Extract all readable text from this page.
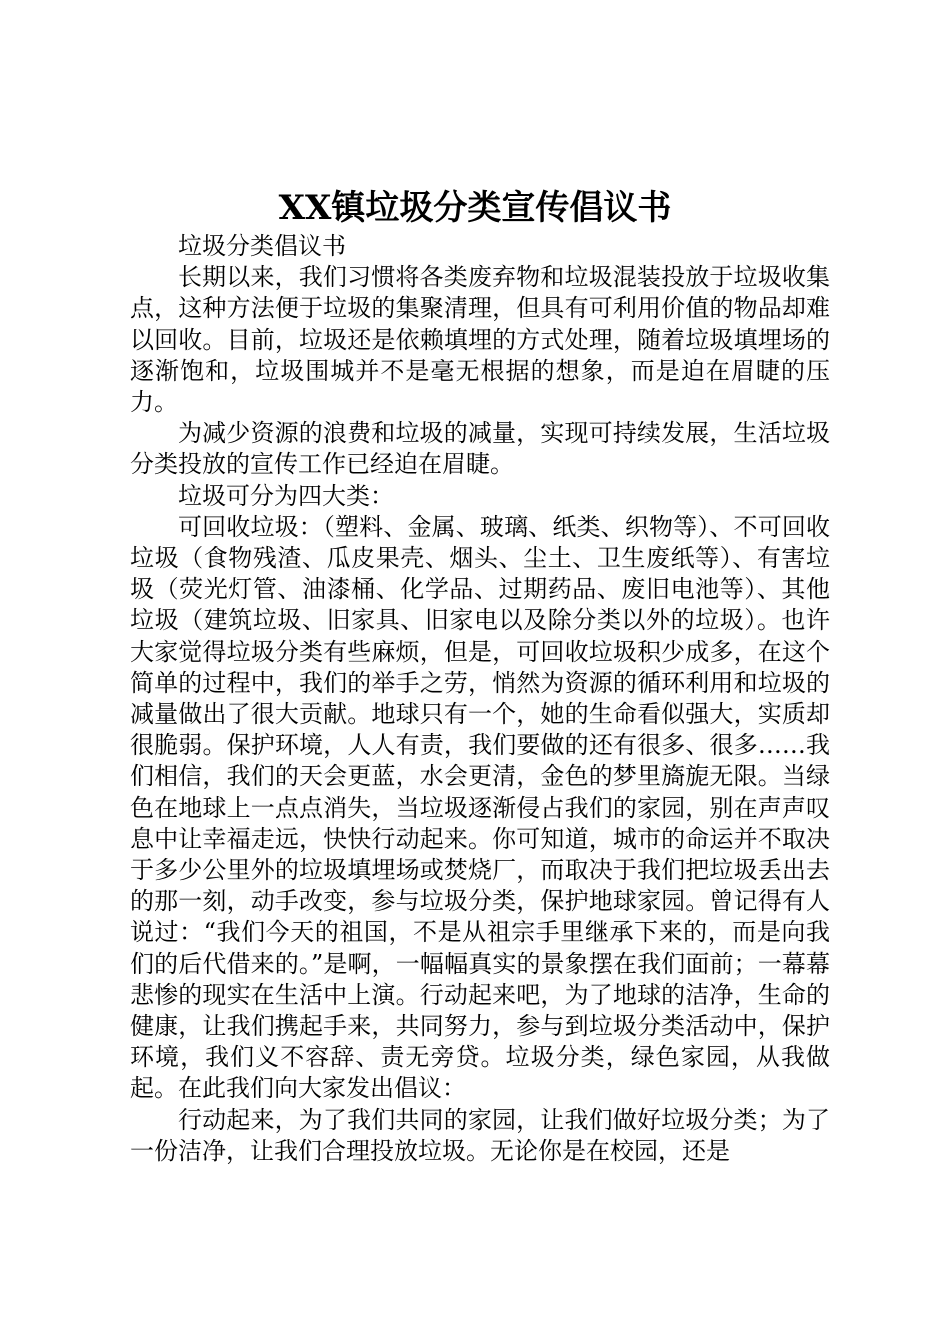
XX镇垃圾分类宣传倡议书

垃圾分类倡议书

长期以来，我们习惯将各类废弃物和垃圾混装投放于垃圾收集点，这种方法便于垃圾的集聚清理，但具有可利用价值的物品却难以回收。目前，垃圾还是依赖填埋的方式处理，随着垃圾填埋场的逐渐饱和，垃圾围城并不是毫无根据的想象，而是迫在眉睫的压力。

为减少资源的浪费和垃圾的减量，实现可持续发展，生活垃圾分类投放的宣传工作已经迫在眉睫。

垃圾可分为四大类：

可回收垃圾：（塑料、金属、玻璃、纸类、织物等）、不可回收垃圾（食物残渣、瓜皮果壳、烟头、尘土、卫生废纸等）、有害垃圾（荧光灯管、油漆桶、化学品、过期药品、废旧电池等）、其他垃圾（建筑垃圾、旧家具、旧家电以及除分类以外的垃圾）。也许大家觉得垃圾分类有些麻烦，但是，可回收垃圾积少成多，在这个简单的过程中，我们的举手之劳，悄然为资源的循环利用和垃圾的减量做出了很大贡献。地球只有一个，她的生命看似强大，实质却很脆弱。保护环境，人人有责，我们要做的还有很多、很多……我们相信，我们的天会更蓝，水会更清，金色的梦里旖旎无限。当绿色在地球上一点点消失，当垃圾逐渐侵占我们的家园，别在声声叹息中让幸福走远，快快行动起来。你可知道，城市的命运并不取决于多少公里外的垃圾填埋场或焚烧厂，而取决于我们把垃圾丢出去的那一刻，动手改变，参与垃圾分类，保护地球家园。曾记得有人说过：“我们今天的祖国，不是从祖宗手里继承下来的，而是向我们的后代借来的。”是啊，一幅幅真实的景象摆在我们面前；一幕幕悲惨的现实在生活中上演。行动起来吧，为了地球的洁净，生命的健康，让我们携起手来，共同努力，参与到垃圾分类活动中，保护环境，我们义不容辞、责无旁贷。垃圾分类，绿色家园，从我做起。在此我们向大家发出倡议：

行动起来，为了我们共同的家园，让我们做好垃圾分类；为了一份洁净，让我们合理投放垃圾。无论你是在校园，还是
